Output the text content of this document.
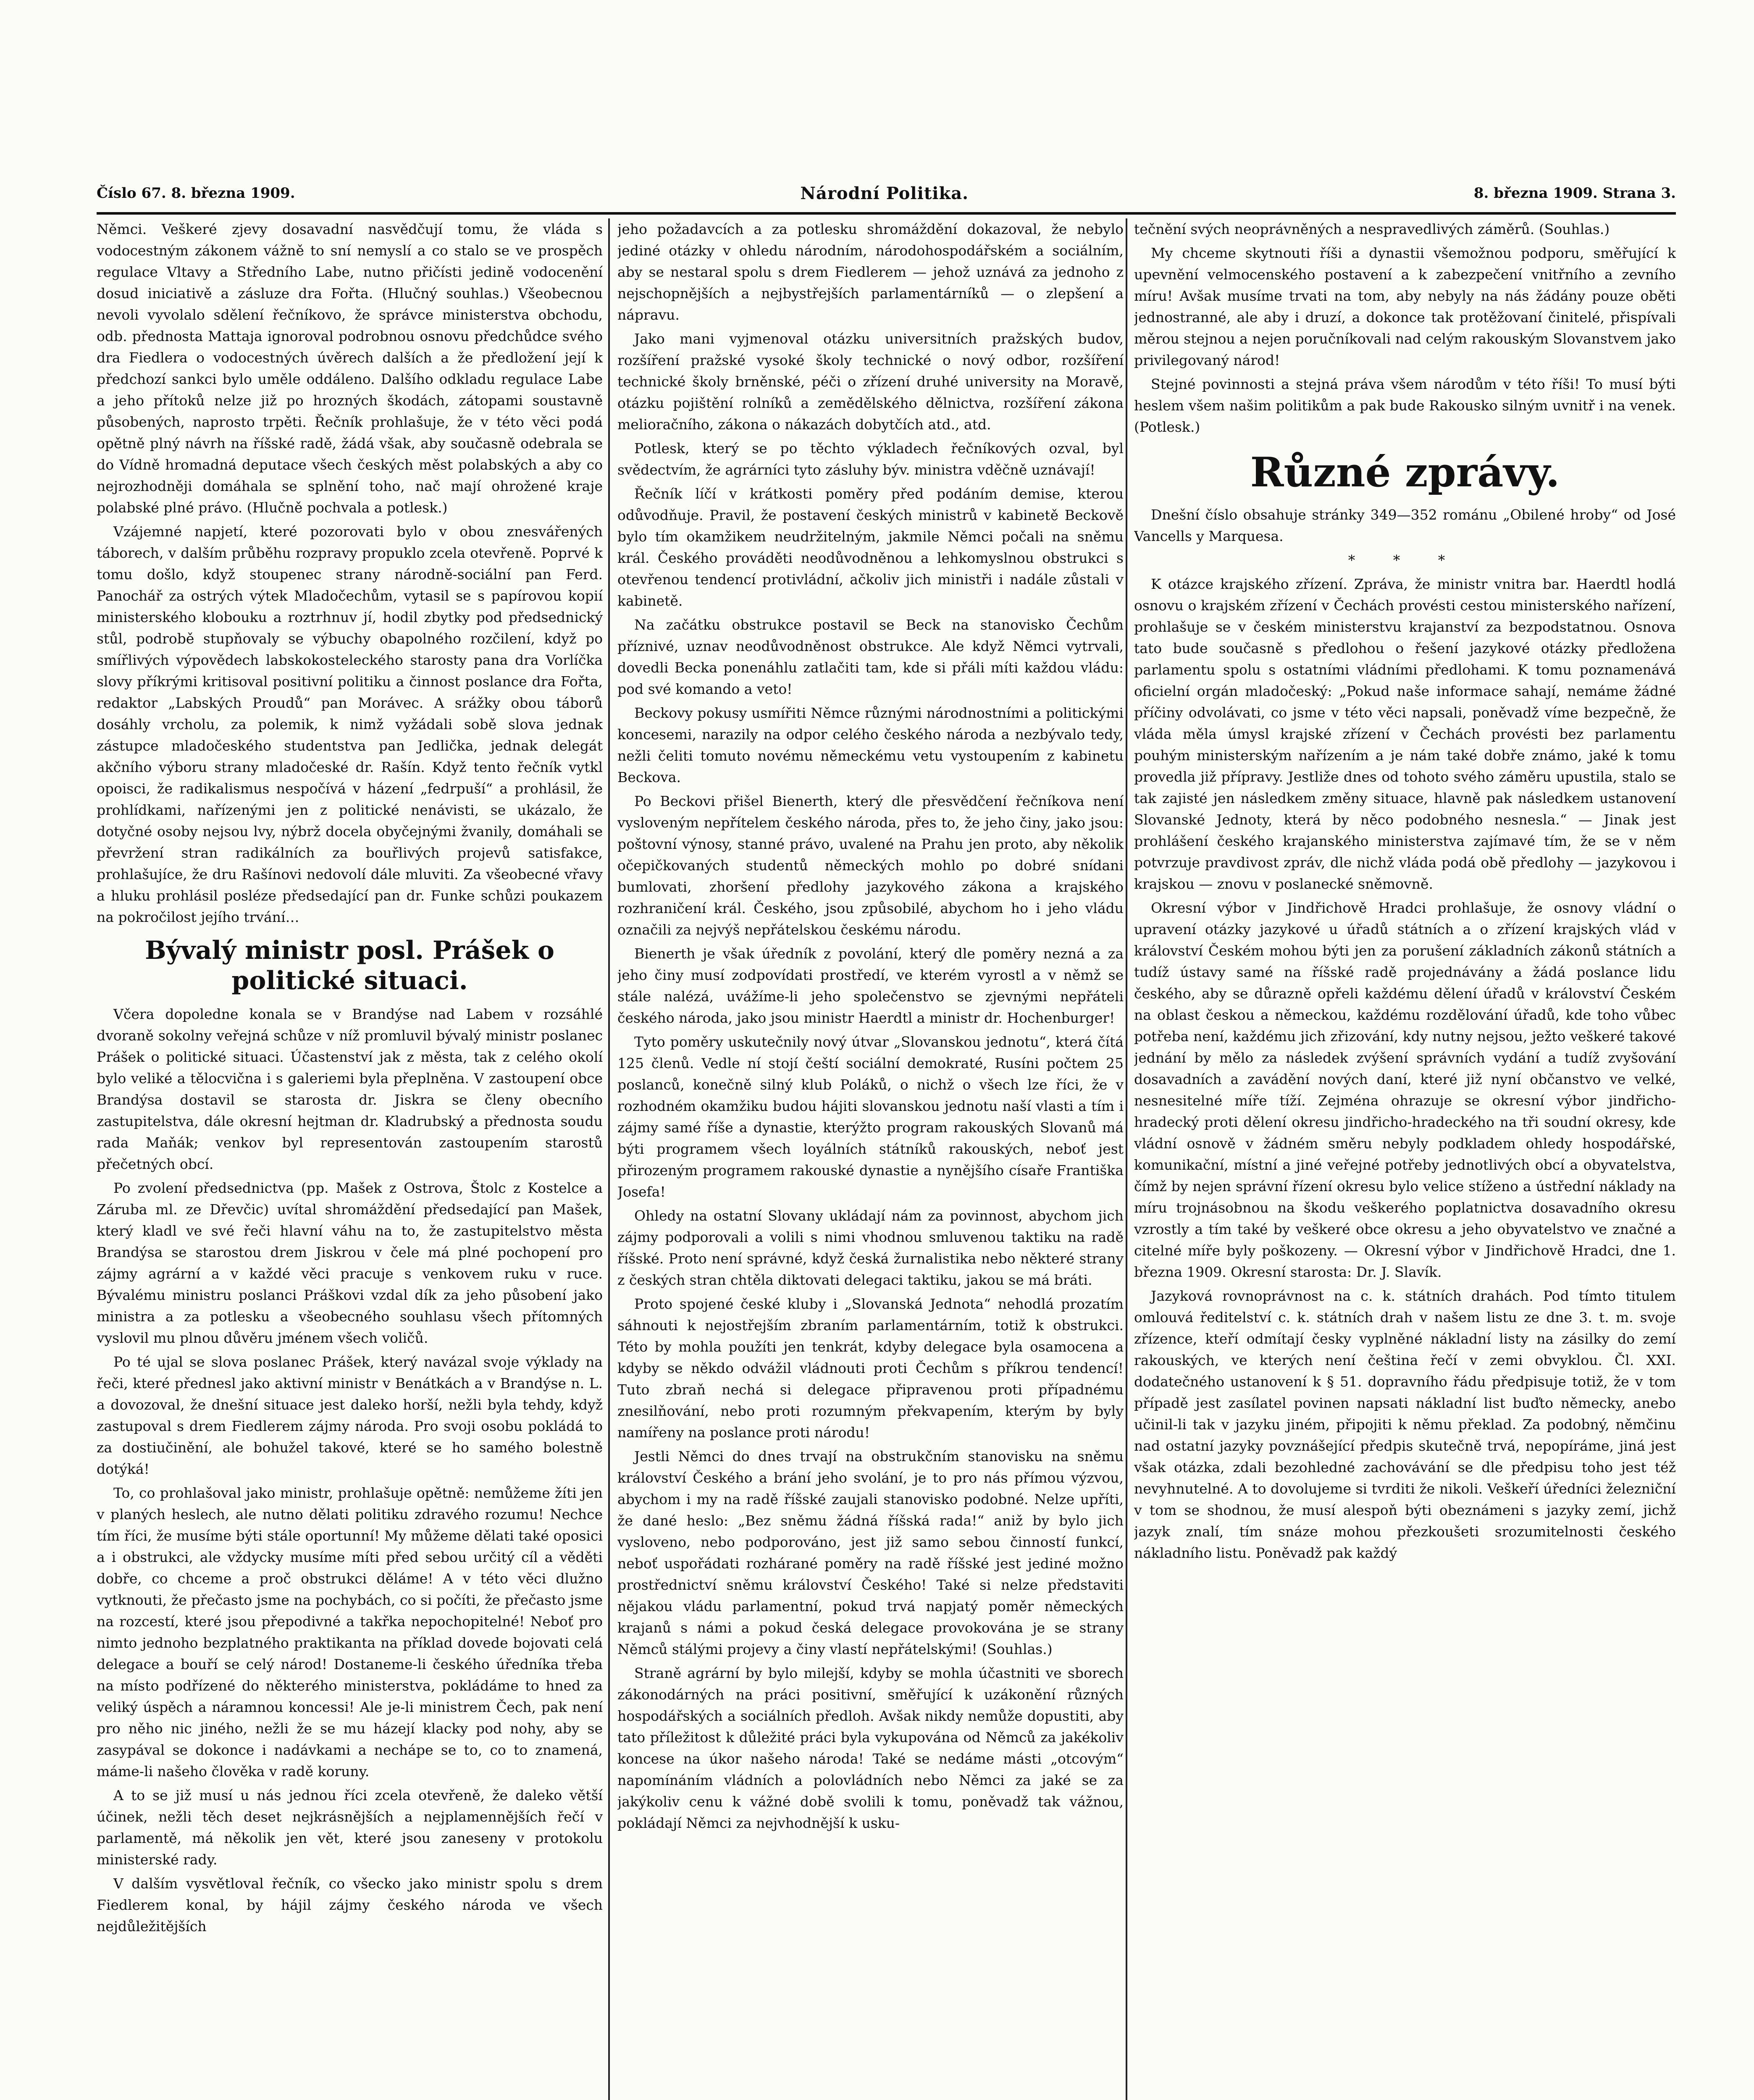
Číslo 67. 8. března 1909.	Národní Politika.	8. března 1909. Strana 3.

Němci. Veškeré zjevy dosavadní nasvědčují tomu, že vláda s vodocestným zákonem vážně to sní nemyslí a co stalo se ve prospěch regulace Vltavy a Středního Labe, nutno přičísti jedině vodocenění dosud iniciativě a zásluze dra Fořta. (Hlučný souhlas.) Všeobecnou nevoli vyvolalo sdělení řečníkovo, že správce ministerstva obchodu, odb. přednosta Mattaja ignoroval podrobnou osnovu předchůdce svého dra Fiedlera o vodocestných úvěrech dalších a že předložení její k předchozí sankci bylo uměle oddáleno. Dalšího odkladu regulace Labe a jeho přítoků nelze již po hrozných škodách, zátopami soustavně působených, naprosto trpěti. Řečník prohlašuje, že v této věci podá opětně plný návrh na říšské radě, žádá však, aby současně odebrala se do Vídně hromadná deputace všech českých měst polabských a aby co nejrozhodněji domáhala se splnění toho, nač mají ohrožené kraje polabské plné právo. (Hlučně pochvala a potlesk.)

Vzájemné napjetí, které pozorovati bylo v obou znesvářených táborech, v dalším průběhu rozpravy propuklo zcela otevřeně. Poprvé k tomu došlo, když stoupenec strany národně-sociální pan Ferd. Panochář za ostrých výtek Mladočechům, vytasil se s papírovou kopií ministerského klobouku a roztrhnuv jí, hodil zbytky pod předsednický stůl, podrobě stupňovaly se výbuchy obapolného rozčilení, když po smířlivých výpovědech labskokosteleckého starosty pana dra Vorlíčka slovy příkrými kritisoval positivní politiku a činnost poslance dra Fořta, redaktor „Labských Proudů“ pan Morávec. A srážky obou táborů dosáhly vrcholu, za polemik, k nimž vyžádali sobě slova jednak zástupce mladočeského studentstva pan Jedlička, jednak delegát akčního výboru strany mladočeské dr. Rašín. Když tento řečník vytkl opoisci, že radikalismus nespočívá v házení „fedrpuší“ a prohlásil, že prohlídkami, nařízenými jen z politické nenávisti, se ukázalo, že dotyčné osoby nejsou lvy, nýbrž docela obyčejnými žvanily, domáhali se převržení stran radikálních za bouřlivých projevů satisfakce, prohlašujíce, že dru Rašínovi nedovolí dále mluviti. Za všeobecné vřavy a hluku prohlásil posléze předsedající pan dr. Funke schůzi poukazem na pokročilost jejího trvání…

Bývalý ministr posl. Prášek o politické situaci.

Včera dopoledne konala se v Brandýse nad Labem v rozsáhlé dvoraně sokolny veřejná schůze v níž promluvil bývalý ministr poslanec Prášek o politické situaci. Účastenství jak z města, tak z celého okolí bylo veliké a tělocvična i s galeriemi byla přeplněna. V zastoupení obce Brandýsa dostavil se starosta dr. Jiskra se členy obecního zastupitelstva, dále okresní hejtman dr. Kladrubský a přednosta soudu rada Maňák; venkov byl representován zastoupením starostů přečetných obcí.

Po zvolení předsednictva (pp. Mašek z Ostrova, Štolc z Kostelce a Záruba ml. ze Dřevčic) uvítal shromáždění předsedající pan Mašek, který kladl ve své řeči hlavní váhu na to, že zastupitelstvo města Brandýsa se starostou drem Jiskrou v čele má plné pochopení pro zájmy agrární a v každé věci pracuje s venkovem ruku v ruce. Bývalému ministru poslanci Práškovi vzdal dík za jeho působení jako ministra a za potlesku a všeobecného souhlasu všech přítomných vyslovil mu plnou důvěru jménem všech voličů.

Po té ujal se slova poslanec Prášek, který navázal svoje výklady na řeči, které přednesl jako aktivní ministr v Benátkách a v Brandýse n. L. a dovozoval, že dnešní situace jest daleko horší, nežli byla tehdy, když zastupoval s drem Fiedlerem zájmy národa. Pro svoji osobu pokládá to za dostiučinění, ale bohužel takové, které se ho samého bolestně dotýká!

To, co prohlašoval jako ministr, prohlašuje opětně: nemůžeme žíti jen v planých heslech, ale nutno dělati politiku zdravého rozumu! Nechce tím říci, že musíme býti stále oportunní! My můžeme dělati také oposici a i obstrukci, ale vždycky musíme míti před sebou určitý cíl a věděti dobře, co chceme a proč obstrukci děláme! A v této věci dlužno vytknouti, že přečasto jsme na pochybách, co si počíti, že přečasto jsme na rozcestí, které jsou přepodivné a takřka nepochopitelné! Neboť pro nimto jednoho bezplatného praktikanta na příklad dovede bojovati celá delegace a bouří se celý národ! Dostaneme-li českého úředníka třeba na místo podřízené do některého ministerstva, pokládáme to hned za veliký úspěch a náramnou koncessi! Ale je-li ministrem Čech, pak není pro něho nic jiného, nežli že se mu házejí klacky pod nohy, aby se zasypával se dokonce i nadávkami a nechápe se to, co to znamená, máme-li našeho člověka v radě koruny.

A to se již musí u nás jednou říci zcela otevřeně, že daleko větší účinek, nežli těch deset nejkrásnějších a nejplamennějších řečí v parlamentě, má několik jen vět, které jsou zaneseny v protokolu ministerské rady.

V dalším vysvětloval řečník, co všecko jako ministr spolu s drem Fiedlerem konal, by hájil zájmy českého národa ve všech nejdůležitějších

jeho požadavcích a za potlesku shromáždění dokazoval, že nebylo jediné otázky v ohledu národním, národohospodářském a sociálním, aby se nestaral spolu s drem Fiedlerem — jehož uznává za jednoho z nejschopnějších a nejbystřejších parlamentárníků — o zlepšení a nápravu.

Jako mani vyjmenoval otázku universitních pražských budov, rozšíření pražské vysoké školy technické o nový odbor, rozšíření technické školy brněnské, péči o zřízení druhé university na Moravě, otázku pojištění rolníků a zemědělského dělnictva, rozšíření zákona melioračního, zákona o nákazách dobytčích atd., atd.

Potlesk, který se po těchto výkladech řečníkových ozval, byl svědectvím, že agrárníci tyto zásluhy býv. ministra vděčně uznávají!

Řečník líčí v krátkosti poměry před podáním demise, kterou odůvodňuje. Pravil, že postavení českých ministrů v kabinetě Beckově bylo tím okamžikem neudržitelným, jakmile Němci počali na sněmu král. Českého prováděti neodůvodněnou a lehkomyslnou obstrukci s otevřenou tendencí protivládní, ačkoliv jich ministři i nadále zůstali v kabinetě.

Na začátku obstrukce postavil se Beck na stanovisko Čechům příznivé, uznav neodůvodněnost obstrukce. Ale když Němci vytrvali, dovedli Becka ponenáhlu zatlačiti tam, kde si přáli míti každou vládu: pod své komando a veto!

Beckovy pokusy usmířiti Němce různými národnostními a politickými koncesemi, narazily na odpor celého českého národa a nezbývalo tedy, nežli čeliti tomuto novému německému vetu vystoupením z kabinetu Beckova.

Po Beckovi přišel Bienerth, který dle přesvědčení řečníkova není vysloveným nepřítelem českého národa, přes to, že jeho činy, jako jsou: poštovní výnosy, stanné právo, uvalené na Prahu jen proto, aby několik očepičkovaných studentů německých mohlo po dobré snídani bumlovati, zhoršení předlohy jazykového zákona a krajského rozhraničení král. Českého, jsou způsobilé, abychom ho i jeho vládu označili za nejvýš nepřátelskou českému národu.

Bienerth je však úředník z povolání, který dle poměry nezná a za jeho činy musí zodpovídati prostředí, ve kterém vyrostl a v němž se stále nalézá, uvážíme-li jeho společenstvo se zjevnými nepřáteli českého národa, jako jsou ministr Haerdtl a ministr dr. Hochenburger!

Tyto poměry uskutečnily nový útvar „Slovanskou jednotu“, která čítá 125 členů. Vedle ní stojí čeští sociální demokraté, Rusíni počtem 25 poslanců, konečně silný klub Poláků, o nichž o všech lze říci, že v rozhodném okamžiku budou hájiti slovanskou jednotu naší vlasti a tím i zájmy samé říše a dynastie, kterýžto program rakouských Slovanů má býti programem všech loyálních státníků rakouských, neboť jest přirozeným programem rakouské dynastie a nynějšího císaře Františka Josefa!

Ohledy na ostatní Slovany ukládají nám za povinnost, abychom jich zájmy podporovali a volili s nimi vhodnou smluvenou taktiku na radě říšské. Proto není správné, když česká žurnalistika nebo některé strany z českých stran chtěla diktovati delegaci taktiku, jakou se má bráti.

Proto spojené české kluby i „Slovanská Jednota“ nehodlá prozatím sáhnouti k nejostřejším zbraním parlamentárním, totiž k obstrukci. Této by mohla použíti jen tenkrát, kdyby delegace byla osamocena a kdyby se někdo odvážil vládnouti proti Čechům s příkrou tendencí! Tuto zbraň nechá si delegace připravenou proti případnému znesilňování, nebo proti rozumným překvapením, kterým by byly namířeny na poslance proti národu!

Jestli Němci do dnes trvají na obstrukčním stanovisku na sněmu království Českého a brání jeho svolání, je to pro nás přímou výzvou, abychom i my na radě říšské zaujali stanovisko podobné. Nelze upříti, že dané heslo: „Bez sněmu žádná říšská rada!“ aniž by bylo jich vysloveno, nebo podporováno, jest již samo sebou činností funkcí, neboť uspořádati rozhárané poměry na radě říšské jest jediné možno prostřednictví sněmu království Českého! Také si nelze představiti nějakou vládu parlamentní, pokud trvá napjatý poměr německých krajanů s námi a pokud česká delegace provokována je se strany Němců stálými projevy a činy vlastí nepřátelskými! (Souhlas.)

Straně agrární by bylo milejší, kdyby se mohla účastniti ve sborech zákonodárných na práci positivní, směřující k uzákonění různých hospodářských a sociálních předloh. Avšak nikdy nemůže dopustiti, aby tato příležitost k důležité práci byla vykupována od Němců za jakékoliv koncese na úkor našeho národa! Také se nedáme másti „otcovým“ napomínáním vládních a polovládních nebo Němci za jaké se za jakýkoliv cenu k vážné době svolili k tomu, poněvadž tak vážnou, pokládají Němci za nejvhodnější k usku-

tečnění svých neoprávněných a nespravedlivých záměrů. (Souhlas.)

My chceme skytnouti říši a dynastii všemožnou podporu, směřující k upevnění velmocenského postavení a k zabezpečení vnitřního a zevního míru! Avšak musíme trvati na tom, aby nebyly na nás žádány pouze oběti jednostranné, ale aby i druzí, a dokonce tak protěžovaní činitelé, přispívali měrou stejnou a nejen poručníkovali nad celým rakouským Slovanstvem jako privilegovaný národ!

Stejné povinnosti a stejná práva všem národům v této říši! To musí býti heslem všem našim politikům a pak bude Rakousko silným uvnitř i na venek. (Potlesk.)

Různé zprávy.

Dnešní číslo obsahuje stránky 349—352 románu „Obilené hroby“ od José Vancells y Marquesa.

* * *

K otázce krajského zřízení. Zpráva, že ministr vnitra bar. Haerdtl hodlá osnovu o krajském zřízení v Čechách provésti cestou ministerského nařízení, prohlašuje se v českém ministerstvu krajanství za bezpodstatnou. Osnova tato bude současně s předlohou o řešení jazykové otázky předložena parlamentu spolu s ostatními vládními předlohami. K tomu poznamenává oficielní orgán mladočeský: „Pokud naše informace sahají, nemáme žádné příčiny odvolávati, co jsme v této věci napsali, poněvadž víme bezpečně, že vláda měla úmysl krajské zřízení v Čechách provésti bez parlamentu pouhým ministerským nařízením a je nám také dobře známo, jaké k tomu provedla již přípravy. Jestliže dnes od tohoto svého záměru upustila, stalo se tak zajisté jen následkem změny situace, hlavně pak následkem ustanovení Slovanské Jednoty, která by něco podobného nesnesla.“ — Jinak jest prohlášení českého krajanského ministerstva zajímavé tím, že se v něm potvrzuje pravdivost zpráv, dle nichž vláda podá obě předlohy — jazykovou i krajskou — znovu v poslanecké sněmovně.

Okresní výbor v Jindřichově Hradci prohlašuje, že osnovy vládní o upravení otázky jazykové u úřadů státních a o zřízení krajských vlád v království Českém mohou býti jen za porušení základních zákonů státních a tudíž ústavy samé na říšské radě projednávány a žádá poslance lidu českého, aby se důrazně opřeli každému dělení úřadů v království Českém na oblast českou a německou, každému rozdělování úřadů, kde toho vůbec potřeba není, každému jich zřizování, kdy nutny nejsou, ježto veškeré takové jednání by mělo za následek zvýšení správních vydání a tudíž zvyšování dosavadních a zavádění nových daní, které již nyní občanstvo ve velké, nesnesitelné míře tíží. Zejména ohrazuje se okresní výbor jindřicho-hradecký proti dělení okresu jindřicho-hradeckého na tři soudní okresy, kde vládní osnově v žádném směru nebyly podkladem ohledy hospodářské, komunikační, místní a jiné veřejné potřeby jednotlivých obcí a obyvatelstva, čímž by nejen správní řízení okresu bylo velice stíženo a ústřední náklady na míru trojnásobnou na škodu veškerého poplatnictva dosavadního okresu vzrostly a tím také by veškeré obce okresu a jeho obyvatelstvo ve značné a citelné míře byly poškozeny. — Okresní výbor v Jindřichově Hradci, dne 1. března 1909. Okresní starosta: Dr. J. Slavík.

Jazyková rovnoprávnost na c. k. státních drahách. Pod tímto titulem omlouvá ředitelství c. k. státních drah v našem listu ze dne 3. t. m. svoje zřízence, kteří odmítají česky vyplněné nákladní listy na zásilky do zemí rakouských, ve kterých není čeština řečí v zemi obvyklou. Čl. XXI. dodatečného ustanovení k § 51. dopravního řádu předpisuje totiž, že v tom případě jest zasílatel povinen napsati nákladní list buďto německy, anebo učinil-li tak v jazyku jiném, připojiti k němu překlad. Za podobný, němčinu nad ostatní jazyky povznášející předpis skutečně trvá, nepopíráme, jiná jest však otázka, zdali bezohledné zachovávání se dle předpisu toho jest též nevyhnutelné. A to dovolujeme si tvrditi že nikoli. Veškeří úředníci železniční v tom se shodnou, že musí alespoň býti obeznámeni s jazyky zemí, jichž jazyk znalí, tím snáze mohou přezkoušeti srozumitelnosti českého nákladního listu. Poněvadž pak každý
